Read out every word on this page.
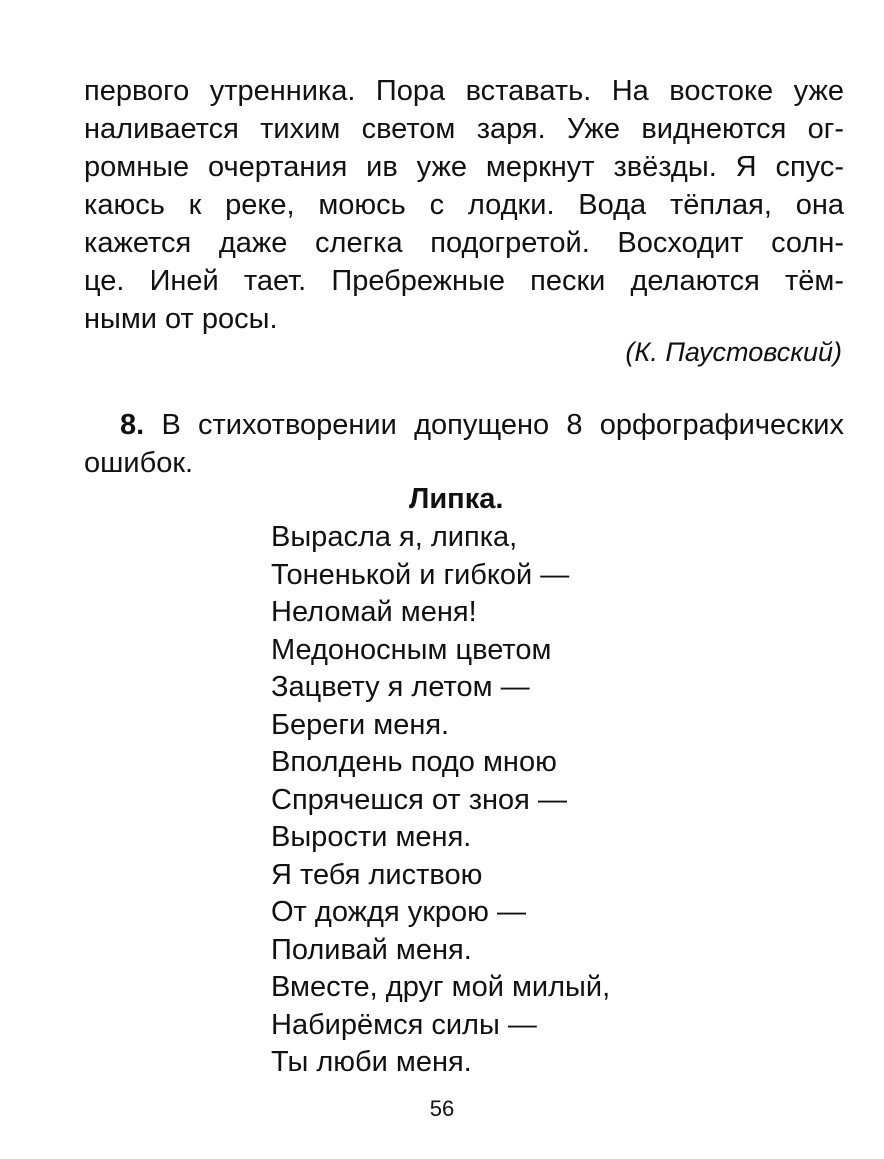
первого утренника. Пора вставать. На востоке уже
наливается тихим светом заря. Уже виднеются ог-
ромные очертания ив уже меркнут звёзды. Я спус-
каюсь к реке, моюсь с лодки. Вода тёплая, она
кажется даже слегка подогретой. Восходит солн-
це. Иней тает. Пребрежные пески делаются тём-
ными от росы.
(К. Паустовский)
8. В стихотворении допущено 8 орфографических
ошибок.
Липка.
Вырасла я, липка,
Тоненькой и гибкой —
Неломай меня!
Медоносным цветом
Зацвету я летом —
Береги меня.
Вполдень подо мною
Спрячешся от зноя —
Вырости меня.
Я тебя листвою
От дождя укрою —
Поливай меня.
Вместе, друг мой милый,
Набирёмся силы —
Ты люби меня.
56
